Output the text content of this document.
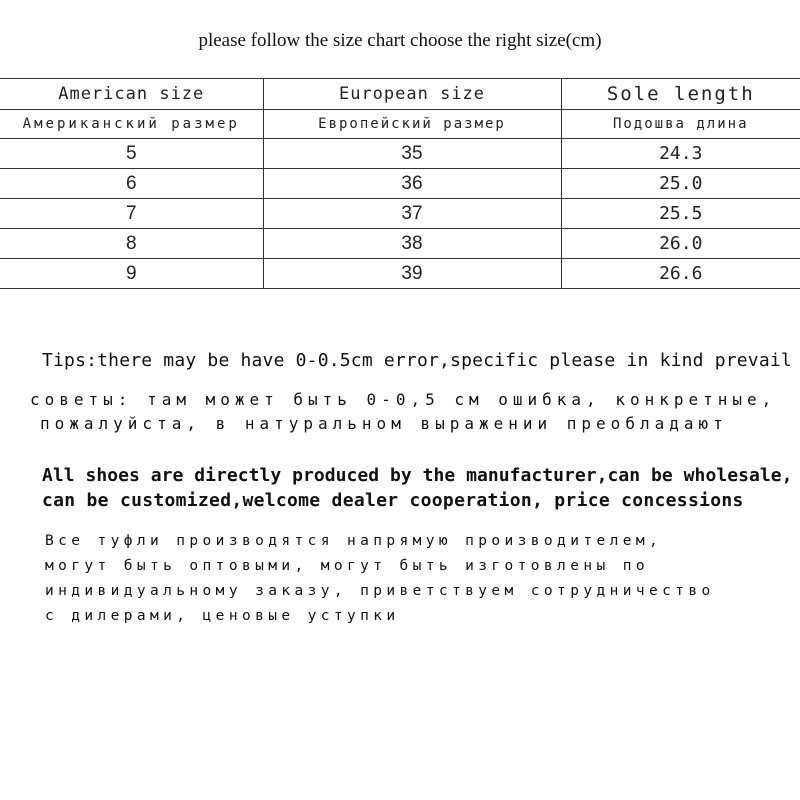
please follow the size chart choose the right size(cm)
American size	European size	Sole length
Американский размер	Европейский размер	Подошва длина
5	35	24.3
6	36	25.0
7	37	25.5
8	38	26.0
9	39	26.6
Tips:there may be have 0-0.5cm error,specific please in kind prevail
советы: там может быть 0-0,5 см ошибка, конкретные,
пожалуйста, в натуральном выражении преобладают
All shoes are directly produced by the manufacturer,can be wholesale,
can be customized,welcome dealer cooperation, price concessions
Все туфли производятся напрямую производителем,
могут быть оптовыми, могут быть изготовлены по
индивидуальному заказу, приветствуем сотрудничество
с дилерами, ценовые уступки
